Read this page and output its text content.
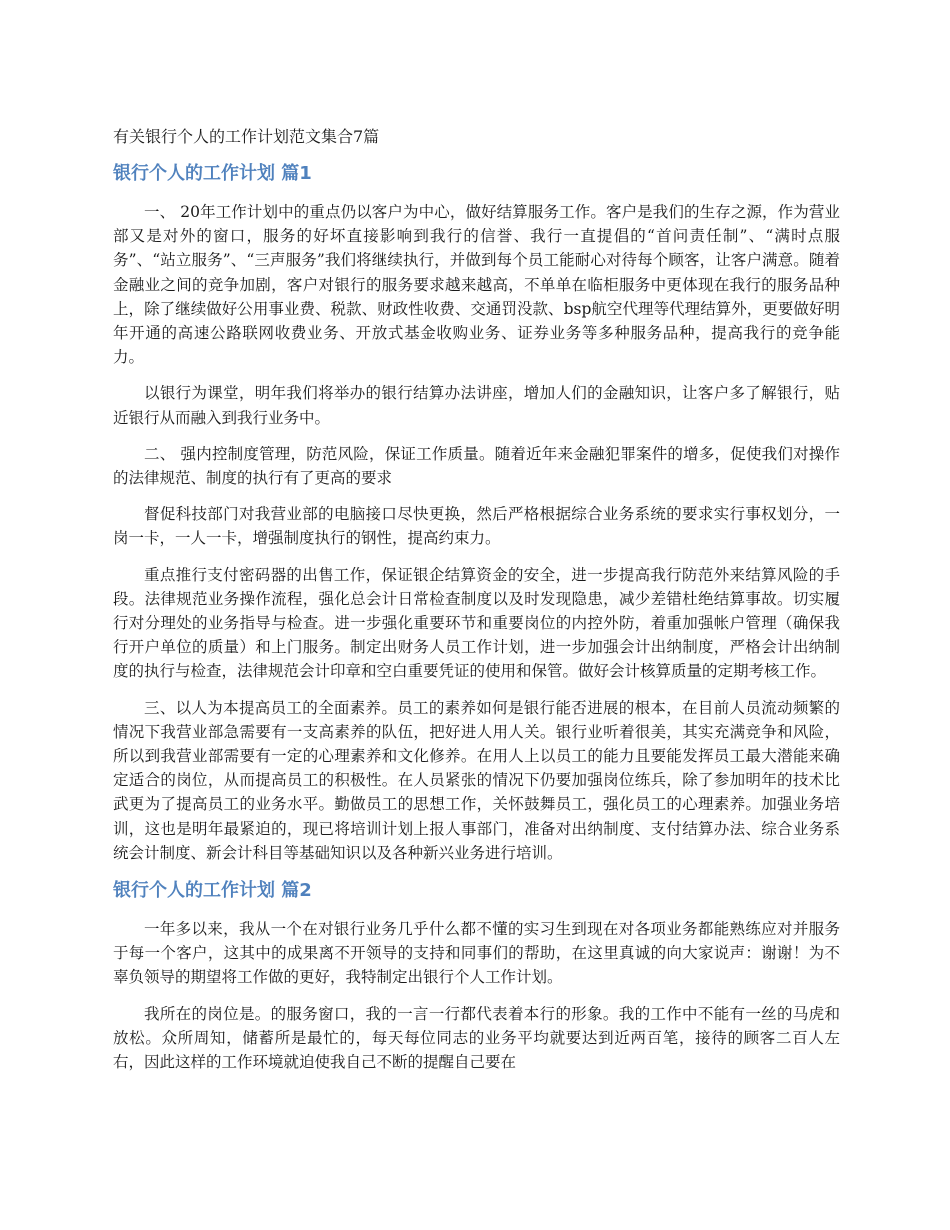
有关银行个人的工作计划范文集合7篇
银行个人的工作计划 篇1

一、 20年工作计划中的重点仍以客户为中心，做好结算服务工作。客户是我们的生存之源，作为营业部又是对外的窗口，服务的好坏直接影响到我行的信誉、我行一直提倡的“首问责任制”、“满时点服务”、“站立服务”、“三声服务”我们将继续执行，并做到每个员工能耐心对待每个顾客，让客户满意。随着金融业之间的竞争加剧，客户对银行的服务要求越来越高，不单单在临柜服务中更体现在我行的服务品种上，除了继续做好公用事业费、税款、财政性收费、交通罚没款、bsp航空代理等代理结算外，更要做好明年开通的高速公路联网收费业务、开放式基金收购业务、证券业务等多种服务品种，提高我行的竞争能力。

以银行为课堂，明年我们将举办的银行结算办法讲座，增加人们的金融知识，让客户多了解银行，贴近银行从而融入到我行业务中。

二、 强内控制度管理，防范风险，保证工作质量。随着近年来金融犯罪案件的增多，促使我们对操作的法律规范、制度的执行有了更高的要求

督促科技部门对我营业部的电脑接口尽快更换，然后严格根据综合业务系统的要求实行事权划分，一岗一卡，一人一卡，增强制度执行的钢性，提高约束力。

重点推行支付密码器的出售工作，保证银企结算资金的安全，进一步提高我行防范外来结算风险的手段。法律规范业务操作流程，强化总会计日常检查制度以及时发现隐患，减少差错杜绝结算事故。切实履行对分理处的业务指导与检查。进一步强化重要环节和重要岗位的内控外防，着重加强帐户管理（确保我行开户单位的质量）和上门服务。制定出财务人员工作计划，进一步加强会计出纳制度，严格会计出纳制度的执行与检查，法律规范会计印章和空白重要凭证的使用和保管。做好会计核算质量的定期考核工作。

三、以人为本提高员工的全面素养。员工的素养如何是银行能否进展的根本，在目前人员流动频繁的情况下我营业部急需要有一支高素养的队伍，把好进人用人关。银行业听着很美，其实充满竞争和风险，所以到我营业部需要有一定的心理素养和文化修养。在用人上以员工的能力且要能发挥员工最大潜能来确定适合的岗位，从而提高员工的积极性。在人员紧张的情况下仍要加强岗位练兵，除了参加明年的技术比武更为了提高员工的业务水平。勤做员工的思想工作，关怀鼓舞员工，强化员工的心理素养。加强业务培训，这也是明年最紧迫的，现已将培训计划上报人事部门，准备对出纳制度、支付结算办法、综合业务系统会计制度、新会计科目等基础知识以及各种新兴业务进行培训。

银行个人的工作计划 篇2

一年多以来，我从一个在对银行业务几乎什么都不懂的实习生到现在对各项业务都能熟练应对并服务于每一个客户，这其中的成果离不开领导的支持和同事们的帮助，在这里真诚的向大家说声：谢谢！为不辜负领导的期望将工作做的更好，我特制定出银行个人工作计划。

我所在的岗位是。的服务窗口，我的一言一行都代表着本行的形象。我的工作中不能有一丝的马虎和放松。众所周知，储蓄所是最忙的，每天每位同志的业务平均就要达到近两百笔，接待的顾客二百人左右，因此这样的工作环境就迫使我自己不断的提醒自己要在
